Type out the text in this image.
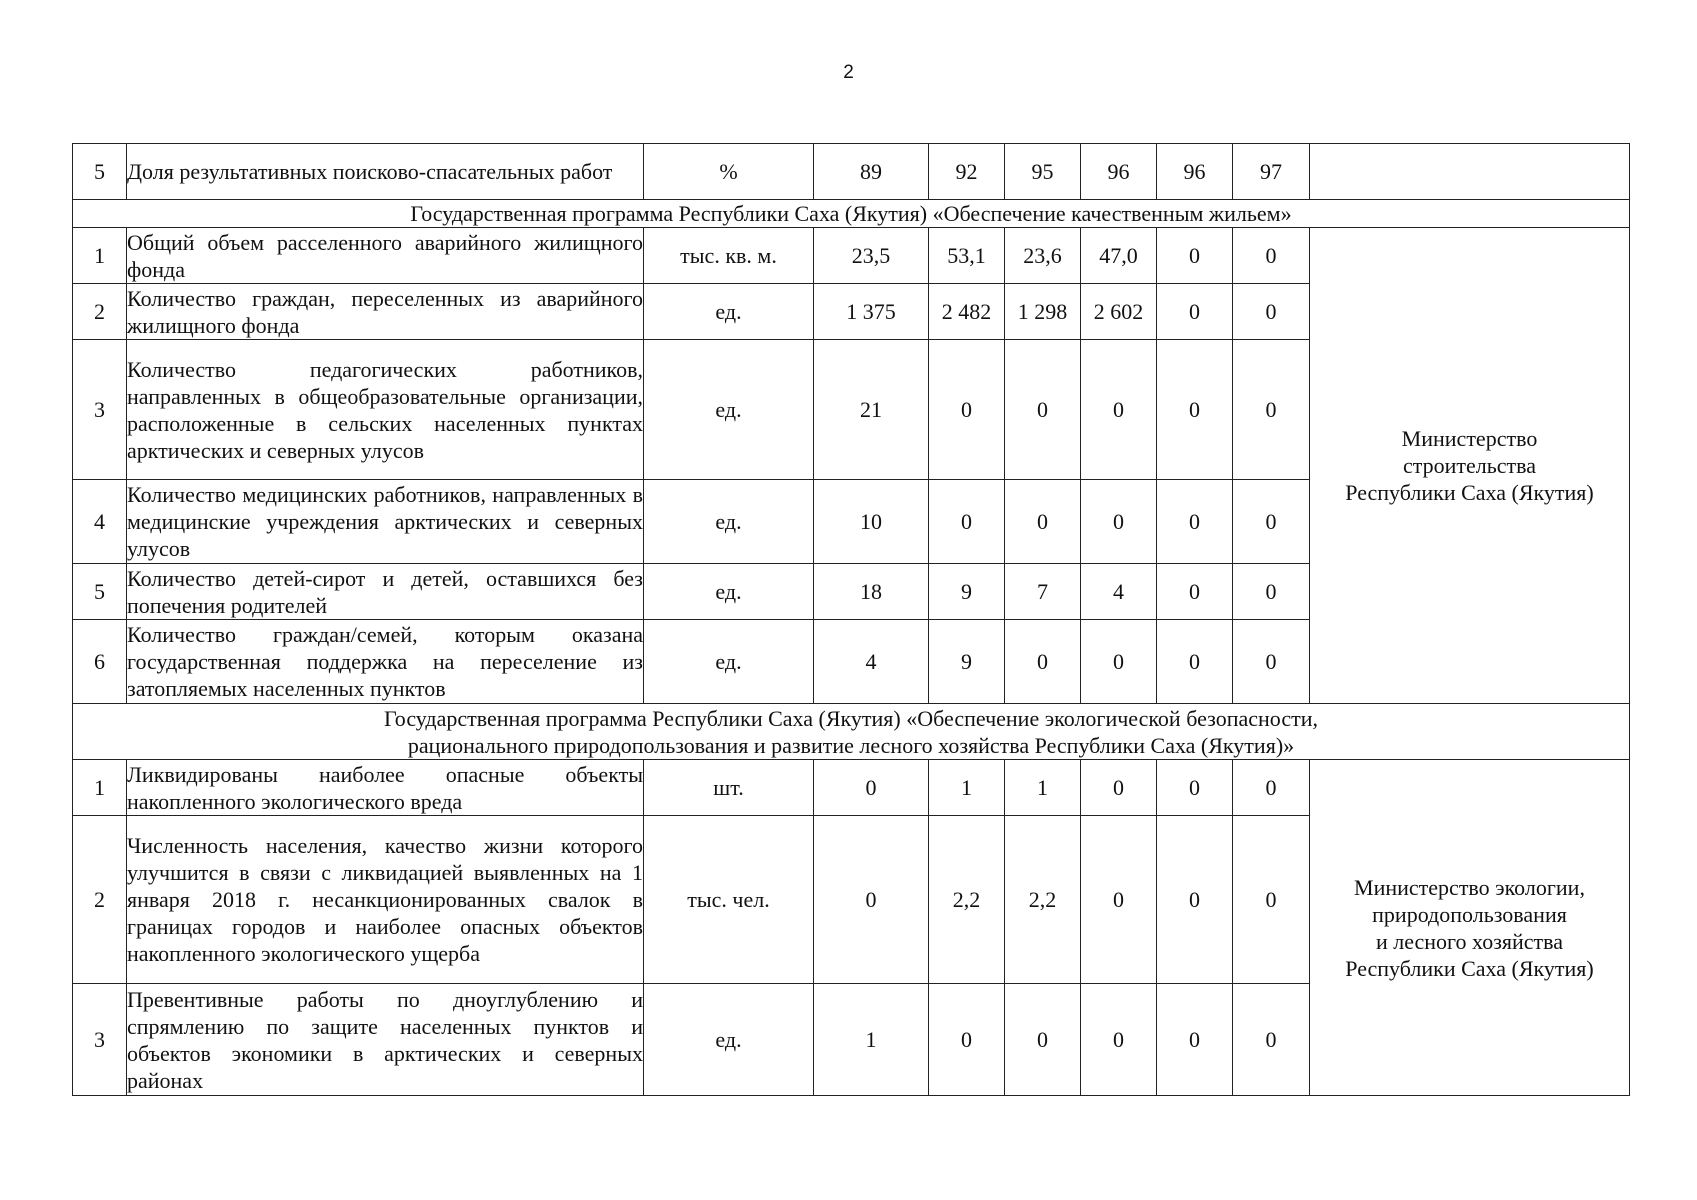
2
5	Доля результативных поисково-спасательных работ	%	89	92	95	96	96	97	

Государственная программа Республики Саха (Якутия) «Обеспечение качественным жильем»									

1	Общий объем расселенного аварийного жилищного фонда	тыс. кв. м.	23,5	53,1	23,6	47,0	0	0	Министерство
строительства
Республики Саха (Якутия)

2	Количество граждан, переселенных из аварийного жилищного фонда	ед.	1 375	2 482	1 298	2 602	0	0	
3	Количество педагогических работников, направленных в общеобразовательные организации, расположенные в сельских населенных пунктах арктических и северных улусов	ед.	21	0	0	0	0	0	
4	Количество медицинских работников, направленных в медицинские учреждения арктических и северных улусов	ед.	10	0	0	0	0	0	
5	Количество детей-сирот и детей, оставшихся без попечения родителей	ед.	18	9	7	4	0	0	
6	Количество граждан/семей, которым оказана государственная поддержка на переселение из затопляемых населенных пунктов	ед.	4	9	0	0	0	0	

Государственная программа Республики Саха (Якутия) «Обеспечение экологической безопасности,
рационального природопользования и развитие лесного хозяйства Республики Саха (Якутия)»									

1	Ликвидированы наиболее опасные объекты накопленного экологического вреда	шт.	0	1	1	0	0	0	Министерство экологии,
природопользования
и лесного хозяйства
Республики Саха (Якутия)

2	Численность населения, качество жизни которого улучшится в связи с ликвидацией выявленных на 1 января 2018 г. несанкционированных свалок в границах городов и наиболее опасных объектов накопленного экологического ущерба	тыс. чел.	0	2,2	2,2	0	0	0	
3	Превентивные работы по дноуглублению и спрямлению по защите населенных пунктов и объектов экономики в арктических и северных районах	ед.	1	0	0	0	0	0	
